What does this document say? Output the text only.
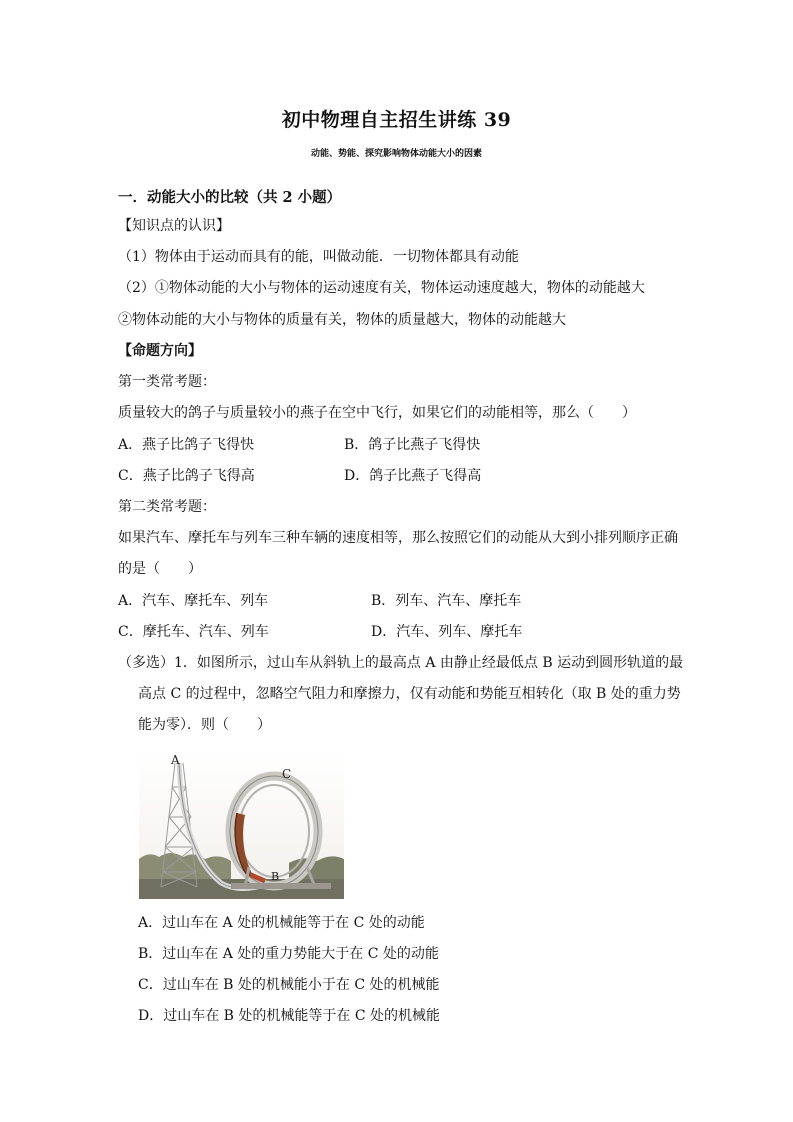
初中物理自主招生讲练 39
动能、势能、探究影响物体动能大小的因素
一．动能大小的比较（共 2 小题）
【知识点的认识】
（1）物体由于运动而具有的能，叫做动能．一切物体都具有动能
（2）①物体动能的大小与物体的运动速度有关，物体运动速度越大，物体的动能越大
②物体动能的大小与物体的质量有关，物体的质量越大，物体的动能越大
【命题方向】
第一类常考题：
质量较大的鸽子与质量较小的燕子在空中飞行，如果它们的动能相等，那么（　　）
A．燕子比鸽子飞得快	B．鸽子比燕子飞得快
C．燕子比鸽子飞得高	D．鸽子比燕子飞得高
第二类常考题：
如果汽车、摩托车与列车三种车辆的速度相等，那么按照它们的动能从大到小排列顺序正确
的是（　　）
A．汽车、摩托车、列车	B．列车、汽车、摩托车
C．摩托车、汽车、列车	D．汽车、列车、摩托车
（多选）1．如图所示，过山车从斜轨上的最高点 A 由静止经最低点 B 运动到圆形轨道的最
高点 C 的过程中，忽略空气阻力和摩擦力，仅有动能和势能互相转化（取 B 处的重力势
能为零）．则（　　）
A
C
B
A．过山车在 A 处的机械能等于在 C 处的动能
B．过山车在 A 处的重力势能大于在 C 处的动能
C．过山车在 B 处的机械能小于在 C 处的机械能
D．过山车在 B 处的机械能等于在 C 处的机械能
